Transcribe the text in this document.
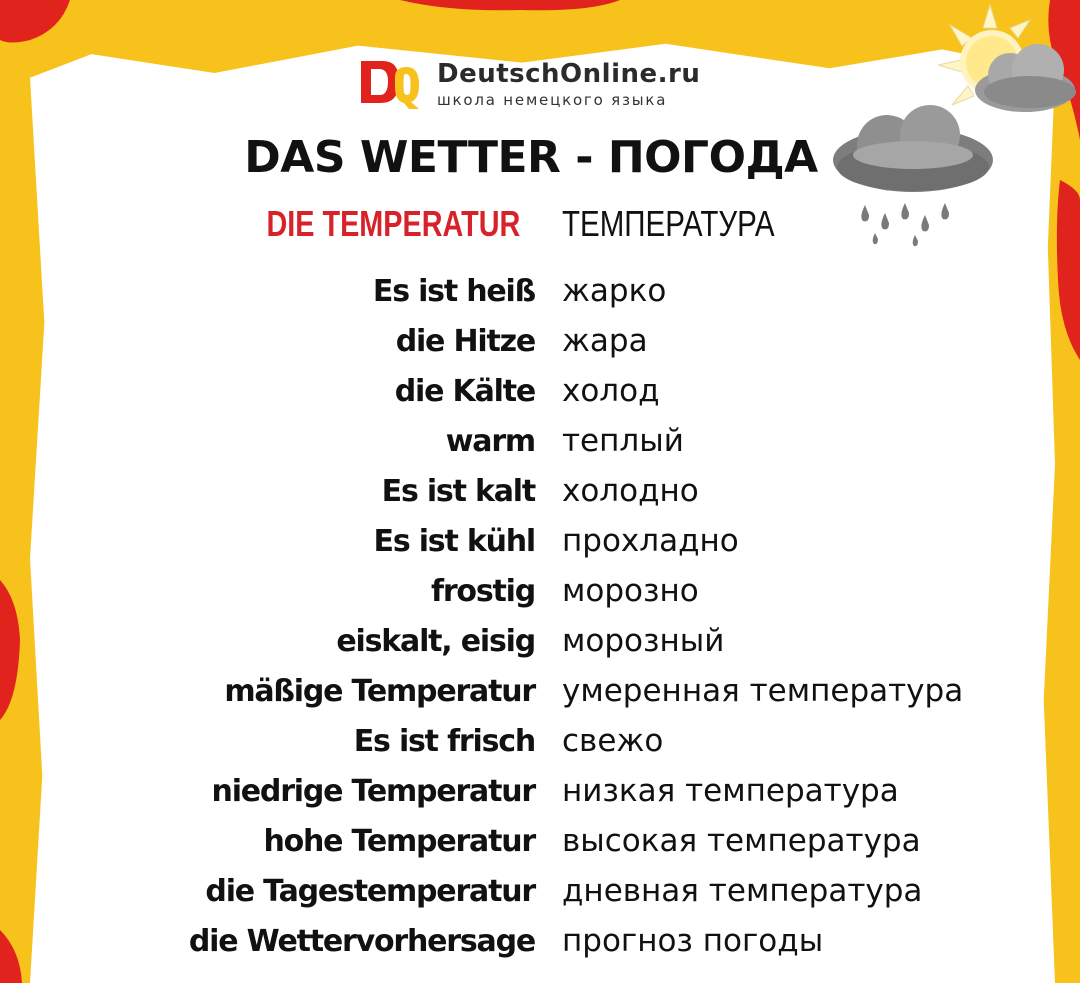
DeutschOnline.ru
школа немецкого языка
DAS WETTER - ПОГОДА
DIE TEMPERATUR ТЕМПЕРАТУРА
Es ist heiß жарко
die Hitze жара
die Kälte холод
warm теплый
Es ist kalt холодно
Es ist kühl прохладно
frostig морозно
eiskalt, eisig морозный
mäßige Temperatur умеренная температура
Es ist frisch свежо
niedrige Temperatur низкая температура
hohe Temperatur высокая температура
die Tagestemperatur дневная температура
die Wettervorhersage прогноз погоды
